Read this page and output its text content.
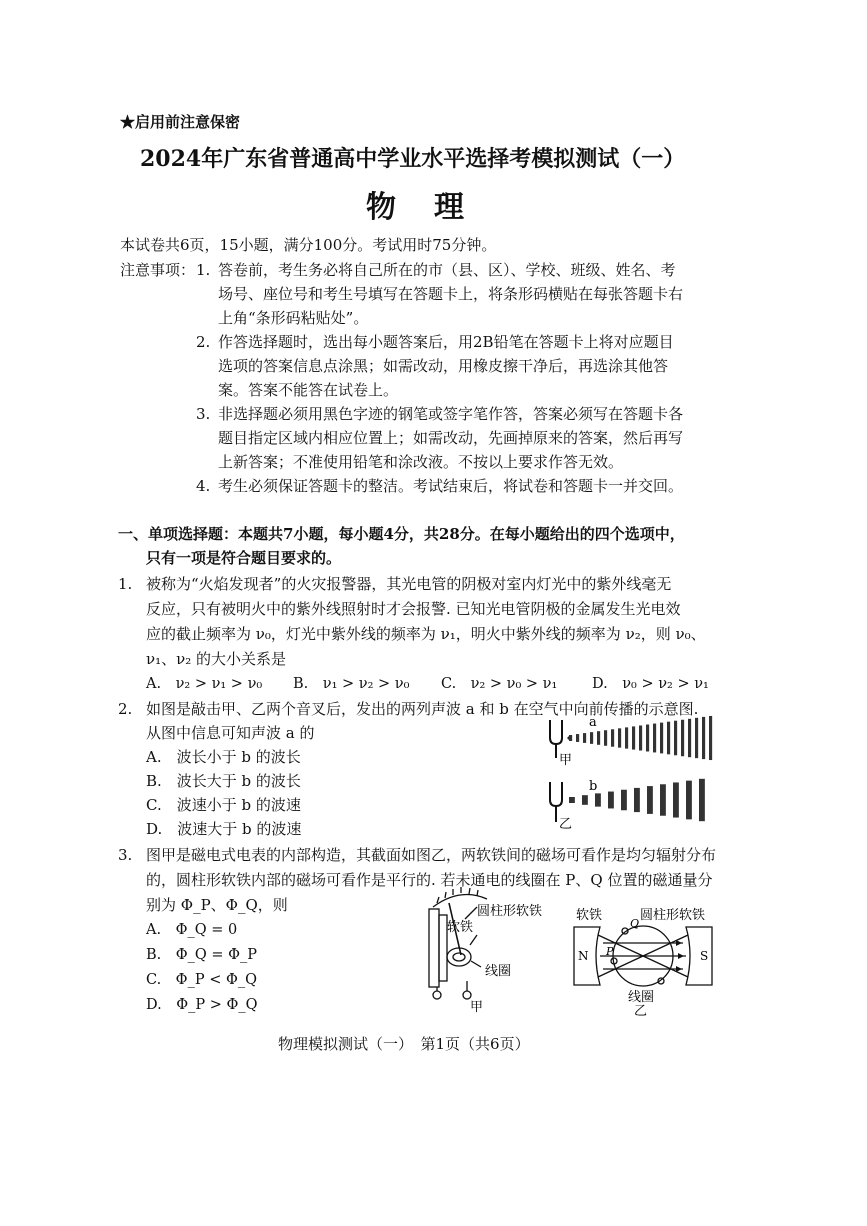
★启用前注意保密
2024年广东省普通高中学业水平选择考模拟测试（一）
物　理
本试卷共6页，15小题，满分100分。考试用时75分钟。
注意事项： 1. 答卷前，考生务必将自己所在的市（县、区）、学校、班级、姓名、考
场号、座位号和考生号填写在答题卡上，将条形码横贴在每张答题卡右
上角“条形码粘贴处”。
2. 作答选择题时，选出每小题答案后，用2B铅笔在答题卡上将对应题目
选项的答案信息点涂黑；如需改动，用橡皮擦干净后，再选涂其他答
案。答案不能答在试卷上。
3. 非选择题必须用黑色字迹的钢笔或签字笔作答，答案必须写在答题卡各
题目指定区域内相应位置上；如需改动，先画掉原来的答案，然后再写
上新答案；不准使用铅笔和涂改液。不按以上要求作答无效。
4. 考生必须保证答题卡的整洁。考试结束后，将试卷和答题卡一并交回。
一、单项选择题：本题共7小题，每小题4分，共28分。在每小题给出的四个选项中，
只有一项是符合题目要求的。
1. 被称为“火焰发现者”的火灾报警器，其光电管的阴极对室内灯光中的紫外线毫无
反应，只有被明火中的紫外线照射时才会报警. 已知光电管阴极的金属发生光电效
应的截止频率为 ν₀，灯光中紫外线的频率为 ν₁，明火中紫外线的频率为 ν₂，则 ν₀、
ν₁、ν₂ 的大小关系是
A.　ν₂ > ν₁ > ν₀ B.　ν₁ > ν₂ > ν₀ C.　ν₂ > ν₀ > ν₁ D.　ν₀ > ν₂ > ν₁
2. 如图是敲击甲、乙两个音叉后，发出的两列声波 a 和 b 在空气中向前传播的示意图.
从图中信息可知声波 a 的
A.　波长小于 b 的波长
B.　波长大于 b 的波长
C.　波速小于 b 的波速
D.　波速大于 b 的波速
a
甲
b
乙
3. 图甲是磁电式电表的内部构造，其截面如图乙，两软铁间的磁场可看作是均匀辐射分布
的，圆柱形软铁内部的磁场可看作是平行的. 若未通电的线圈在 P、Q 位置的磁通量分
别为 Φ_P、Φ_Q，则
A.　Φ_Q = 0
B.　Φ_Q = Φ_P
C.　Φ_P < Φ_Q
D.　Φ_P > Φ_Q
圆柱形软铁
软铁
线圈
甲
N	S
P
Q
软铁	圆柱形软铁
线圈
乙
物理模拟测试（一）　第1页（共6页）
